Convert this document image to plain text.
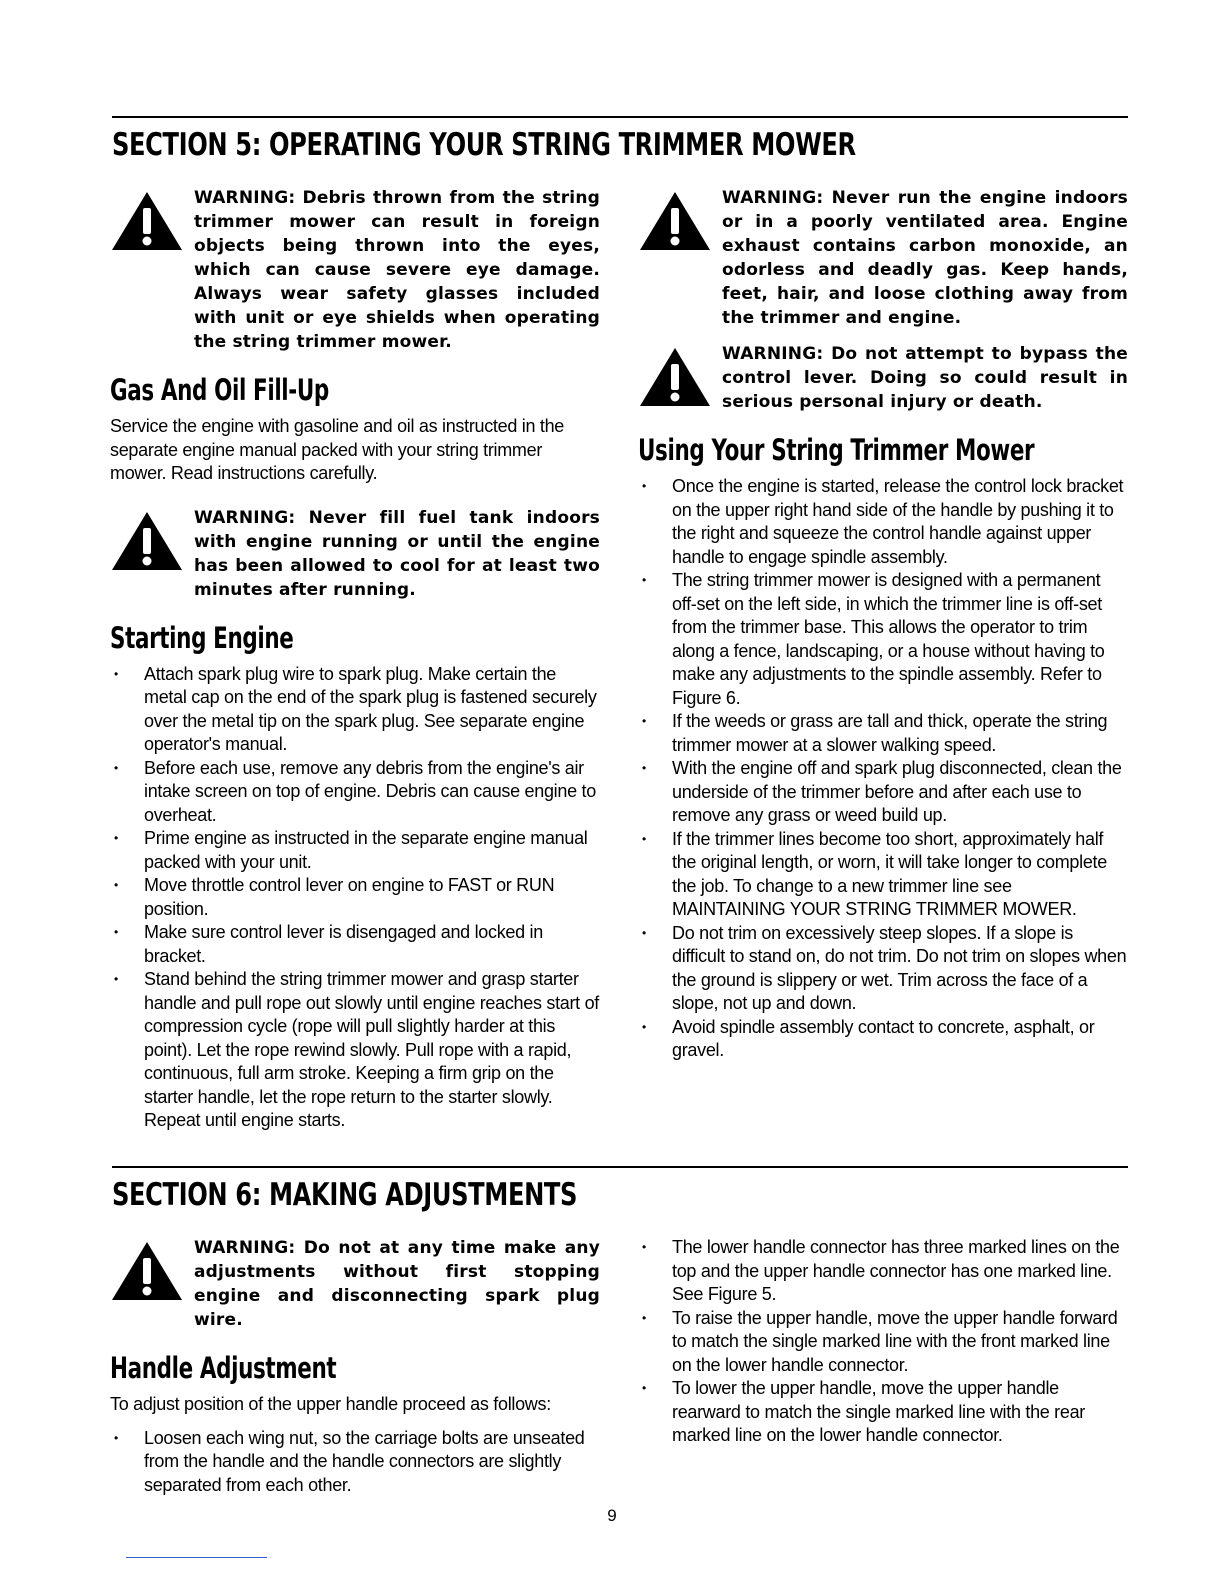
SECTION 5: OPERATING YOUR STRING TRIMMER MOWER

WARNING: Debris thrown from the string trimmer mower can result in foreign objects being thrown into the eyes, which can cause severe eye damage. Always wear safety glasses included with unit or eye shields when operating the string trimmer mower.

Gas And Oil Fill-Up

Service the engine with gasoline and oil as instructed in the separate engine manual packed with your string trimmer mower. Read instructions carefully.

WARNING: Never fill fuel tank indoors with engine running or until the engine has been allowed to cool for at least two minutes after running.

Starting Engine
• Attach spark plug wire to spark plug. Make certain the metal cap on the end of the spark plug is fastened securely over the metal tip on the spark plug. See separate engine operator's manual.
• Before each use, remove any debris from the engine's air intake screen on top of engine. Debris can cause engine to overheat.
• Prime engine as instructed in the separate engine manual packed with your unit.
• Move throttle control lever on engine to FAST or RUN position.
• Make sure control lever is disengaged and locked in bracket.
• Stand behind the string trimmer mower and grasp starter handle and pull rope out slowly until engine reaches start of compression cycle (rope will pull slightly harder at this point). Let the rope rewind slowly. Pull rope with a rapid, continuous, full arm stroke. Keeping a firm grip on the starter handle, let the rope return to the starter slowly. Repeat until engine starts.

WARNING: Never run the engine indoors or in a poorly ventilated area. Engine exhaust contains carbon monoxide, an odorless and deadly gas. Keep hands, feet, hair, and loose clothing away from the trimmer and engine.

WARNING: Do not attempt to bypass the control lever. Doing so could result in serious personal injury or death.

Using Your String Trimmer Mower
• Once the engine is started, release the control lock bracket on the upper right hand side of the handle by pushing it to the right and squeeze the control handle against upper handle to engage spindle assembly.
• The string trimmer mower is designed with a permanent off-set on the left side, in which the trimmer line is off-set from the trimmer base. This allows the operator to trim along a fence, landscaping, or a house without having to make any adjustments to the spindle assembly. Refer to Figure 6.
• If the weeds or grass are tall and thick, operate the string trimmer mower at a slower walking speed.
• With the engine off and spark plug disconnected, clean the underside of the trimmer before and after each use to remove any grass or weed build up.
• If the trimmer lines become too short, approximately half the original length, or worn, it will take longer to complete the job. To change to a new trimmer line see MAINTAINING YOUR STRING TRIMMER MOWER.
• Do not trim on excessively steep slopes. If a slope is difficult to stand on, do not trim. Do not trim on slopes when the ground is slippery or wet. Trim across the face of a slope, not up and down.
• Avoid spindle assembly contact to concrete, asphalt, or gravel.
SECTION 6: MAKING ADJUSTMENTS

WARNING: Do not at any time make any adjustments without first stopping engine and disconnecting spark plug wire.

Handle Adjustment

To adjust position of the upper handle proceed as follows:

• Loosen each wing nut, so the carriage bolts are unseated from the handle and the handle connectors are slightly separated from each other.
• The lower handle connector has three marked lines on the top and the upper handle connector has one marked line. See Figure 5.
• To raise the upper handle, move the upper handle forward to match the single marked line with the front marked line on the lower handle connector.
• To lower the upper handle, move the upper handle rearward to match the single marked line with the rear marked line on the lower handle connector.
9
